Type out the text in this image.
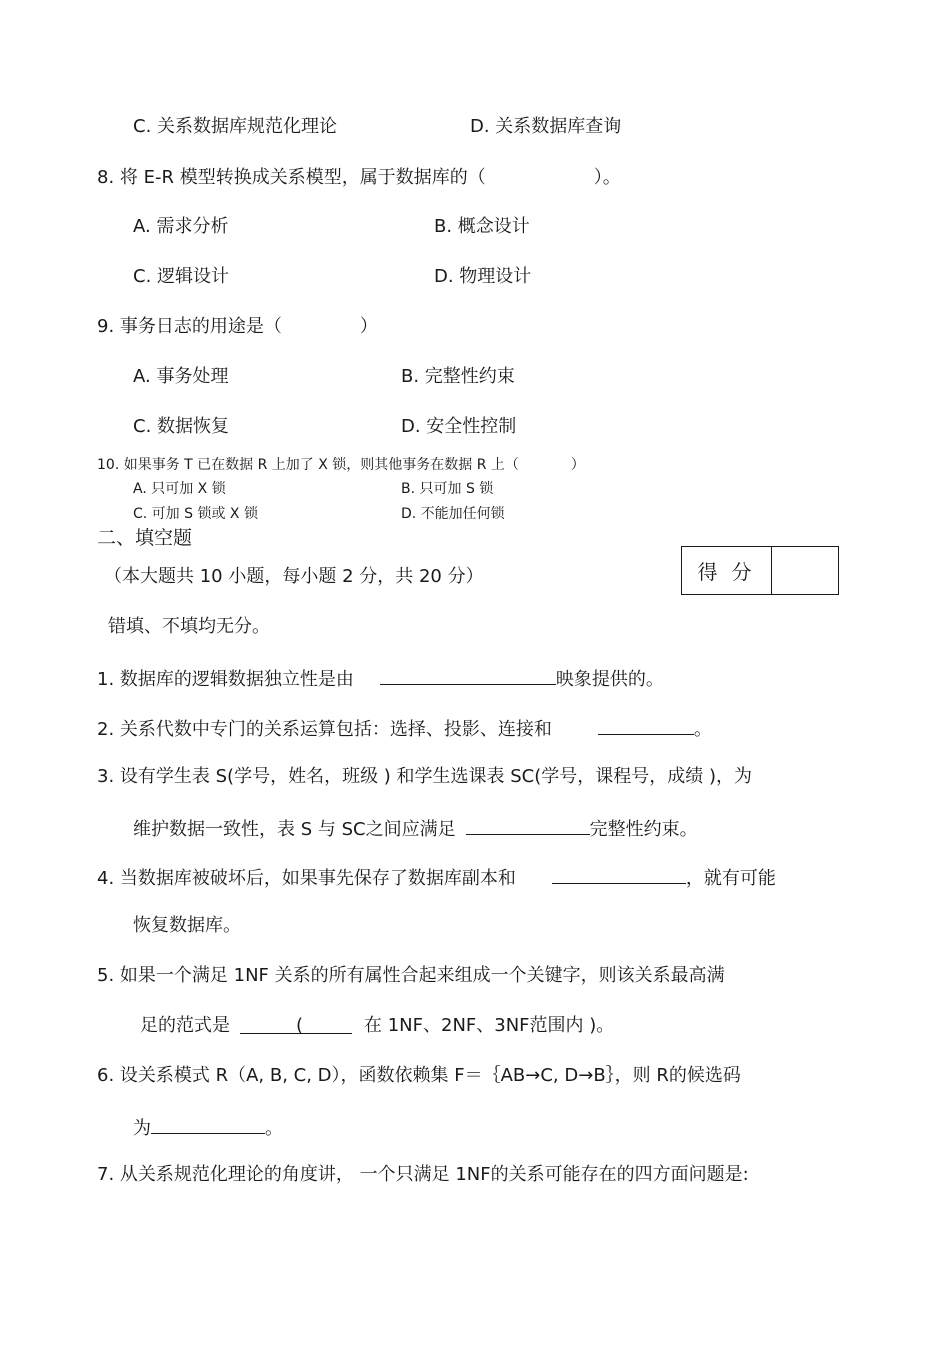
C. 关系数据库规范化理论	D. 关系数据库查询
8. 将 E-R 模型转换成关系模型，属于数据库的（	）。
A. 需求分析	B. 概念设计
C. 逻辑设计	D. 物理设计
9. 事务日志的用途是（	）
A. 事务处理	B. 完整性约束
C. 数据恢复	D. 安全性控制
10. 如果事务 T 已在数据 R 上加了 X 锁，则其他事务在数据 R 上（	）
A. 只可加 X 锁	B. 只可加 S 锁
C. 可加 S 锁或 X 锁	D. 不能加任何锁
二、填空题
（本大题共 10 小题，每小题 2 分，共 20 分）
错填、不填均无分。
得分
1. 数据库的逻辑数据独立性是由	映象提供的。
2. 关系代数中专门的关系运算包括：选择、投影、连接和	。
3. 设有学生表 S(学号，姓名，班级 ) 和学生选课表 SC(学号，课程号，成绩 )，为
维护数据一致性，表 S 与 SC之间应满足	完整性约束。
4. 当数据库被破坏后，如果事先保存了数据库副本和	，就有可能
恢复数据库。
5. 如果一个满足 1NF 关系的所有属性合起来组成一个关键字，则该关系最高满
足的范式是	(	在 1NF、2NF、3NF范围内 )。
6. 设关系模式 R（A, B, C, D），函数依赖集 F＝｛AB→C, D→B｝，则 R的候选码
为	。
7. 从关系规范化理论的角度讲， 一个只满足 1NF的关系可能存在的四方面问题是:
